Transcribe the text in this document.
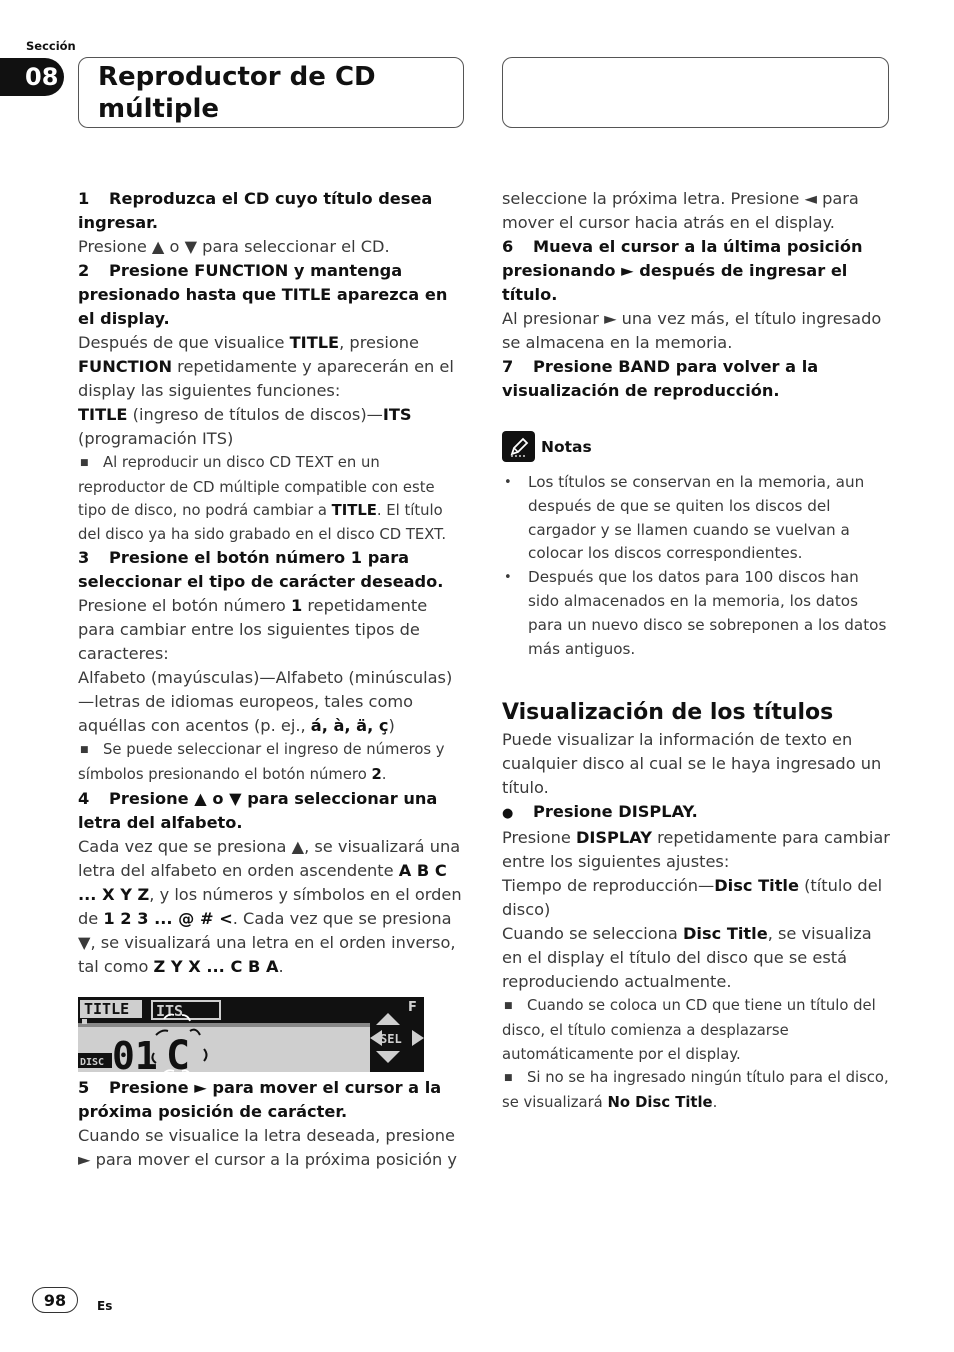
Sección
08 Reproductor de CD
múltiple

1 Reproduzca el CD cuyo título desea ingresar.

Presione ▲ o ▼ para seleccionar el CD.

2 Presione FUNCTION y mantenga presionado hasta que TITLE aparezca en el display.

Después de que visualice TITLE, presione FUNCTION repetidamente y aparecerán en el display las siguientes funciones:

TITLE (ingreso de títulos de discos)—ITS (programación ITS)

■ Al reproducir un disco CD TEXT en un reproductor de CD múltiple compatible con este tipo de disco, no podrá cambiar a TITLE. El título del disco ya ha sido grabado en el disco CD TEXT.

3 Presione el botón número 1 para seleccionar el tipo de carácter deseado.

Presione el botón número 1 repetidamente para cambiar entre los siguientes tipos de caracteres:

Alfabeto (mayúsculas)—Alfabeto (minúsculas)—letras de idiomas europeos, tales como aquéllas con acentos (p. ej., á, à, ä, ç)

■ Se puede seleccionar el ingreso de números y símbolos presionando el botón número 2.

4 Presione ▲ o ▼ para seleccionar una letra del alfabeto.

Cada vez que se presiona ▲, se visualizará una letra del alfabeto en orden ascendente A B C ... X Y Z, y los números y símbolos en el orden de 1 2 3 ... @ # <. Cada vez que se presiona ▼, se visualizará una letra en el orden inverso, tal como Z Y X ... C B A.

TITLE ITS
DISC 01 C	SEL
F

5 Presione ► para mover el cursor a la próxima posición de carácter.

Cuando se visualice la letra deseada, presione ► para mover el cursor a la próxima posición y

seleccione la próxima letra. Presione ◄ para mover el cursor hacia atrás en el display.

6 Mueva el cursor a la última posición presionando ► después de ingresar el título.

Al presionar ► una vez más, el título ingresado se almacena en la memoria.

7 Presione BAND para volver a la visualización de reproducción.

Notas

• Los títulos se conservan en la memoria, aun después de que se quiten los discos del cargador y se llamen cuando se vuelvan a colocar los discos correspondientes.

• Después que los datos para 100 discos han sido almacenados en la memoria, los datos para un nuevo disco se sobreponen a los datos más antiguos.

Visualización de los títulos

Puede visualizar la información de texto en cualquier disco al cual se le haya ingresado un título.

● Presione DISPLAY.

Presione DISPLAY repetidamente para cambiar entre los siguientes ajustes:

Tiempo de reproducción—Disc Title (título del disco)

Cuando se selecciona Disc Title, se visualiza en el display el título del disco que se está reproduciendo actualmente.

■ Cuando se coloca un CD que tiene un título del disco, el título comienza a desplazarse automáticamente por el display.

■ Si no se ha ingresado ningún título para el disco, se visualizará No Disc Title.

98	Es
